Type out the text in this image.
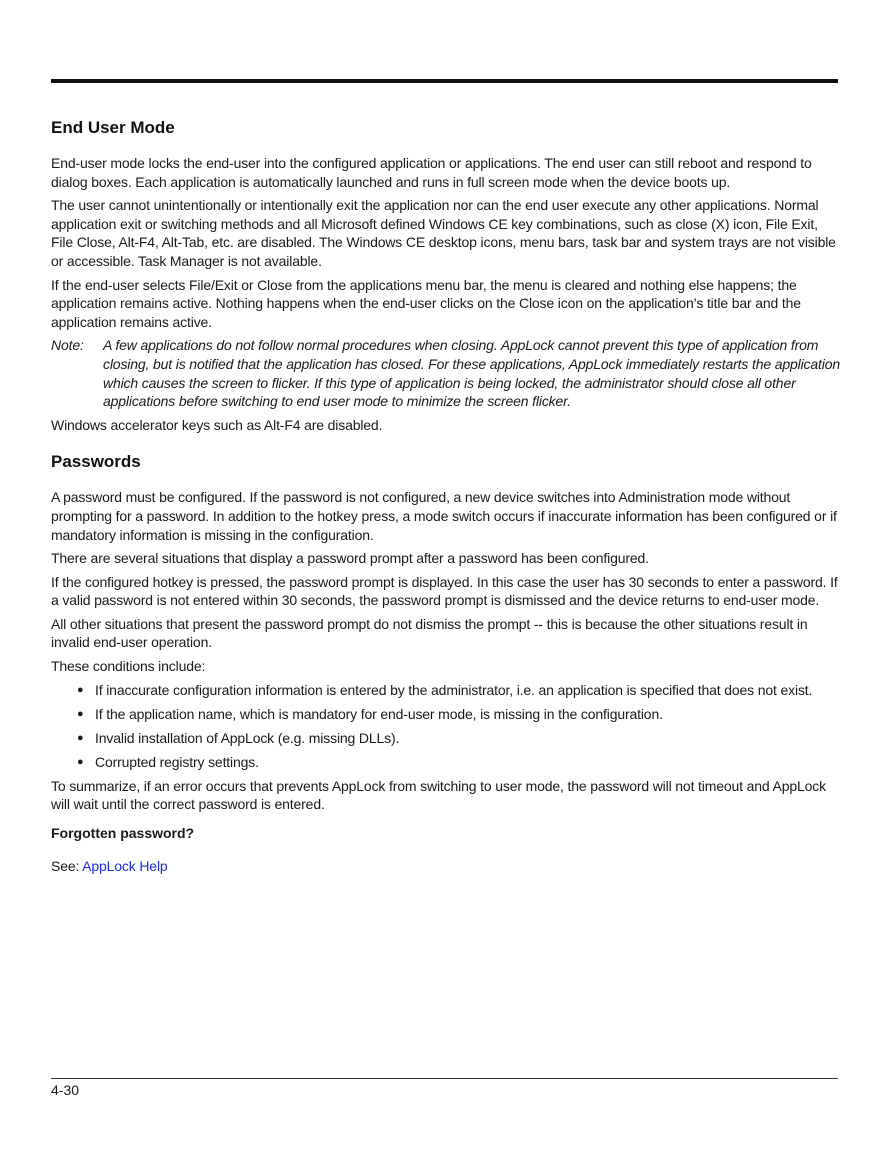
End User Mode

End-user mode locks the end-user into the configured application or applications. The end user can still reboot and respond to dialog boxes. Each application is automatically launched and runs in full screen mode when the device boots up.

The user cannot unintentionally or intentionally exit the application nor can the end user execute any other applications. Normal application exit or switching methods and all Microsoft defined Windows CE key combinations, such as close (X) icon, File Exit, File Close, Alt-F4, Alt-Tab, etc. are disabled. The Windows CE desktop icons, menu bars, task bar and system trays are not visible or accessible. Task Manager is not available.

If the end-user selects File/Exit or Close from the applications menu bar, the menu is cleared and nothing else happens; the application remains active. Nothing happens when the end-user clicks on the Close icon on the application’s title bar and the application remains active.

Note: A few applications do not follow normal procedures when closing. AppLock cannot prevent this type of application from closing, but is notified that the application has closed. For these applications, AppLock immediately restarts the application which causes the screen to flicker. If this type of application is being locked, the administrator should close all other applications before switching to end user mode to minimize the screen flicker.

Windows accelerator keys such as Alt-F4 are disabled.

Passwords

A password must be configured. If the password is not configured, a new device switches into Administration mode without prompting for a password. In addition to the hotkey press, a mode switch occurs if inaccurate information has been configured or if mandatory information is missing in the configuration.

There are several situations that display a password prompt after a password has been configured.

If the configured hotkey is pressed, the password prompt is displayed. In this case the user has 30 seconds to enter a password. If a valid password is not entered within 30 seconds, the password prompt is dismissed and the device returns to end-user mode.

All other situations that present the password prompt do not dismiss the prompt -- this is because the other situations result in invalid end-user operation.

These conditions include:

● If inaccurate configuration information is entered by the administrator, i.e. an application is specified that does not exist.
● If the application name, which is mandatory for end-user mode, is missing in the configuration.
● Invalid installation of AppLock (e.g. missing DLLs).
● Corrupted registry settings.

To summarize, if an error occurs that prevents AppLock from switching to user mode, the password will not timeout and AppLock will wait until the correct password is entered.

Forgotten password?

See: AppLock Help

4-30
